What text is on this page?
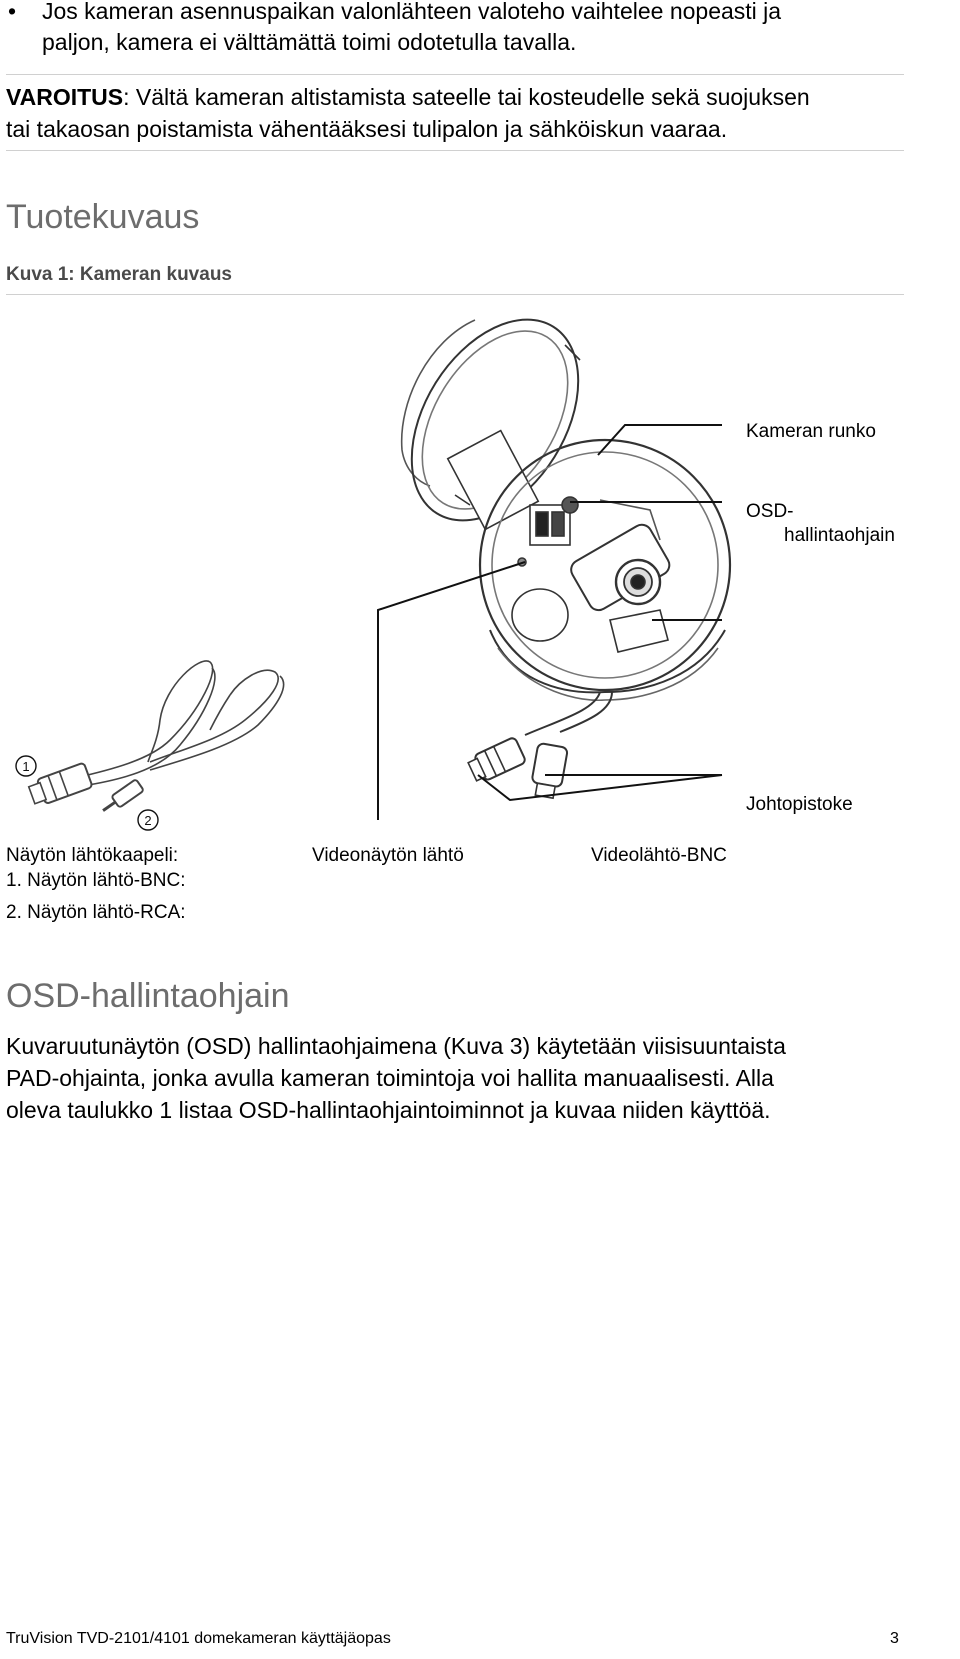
• Jos kameran asennuspaikan valonlähteen valoteho vaihtelee nopeasti ja
paljon, kamera ei välttämättä toimi odotetulla tavalla.
VAROITUS: Vältä kameran altistamista sateelle tai kosteudelle sekä suojuksen
tai takaosan poistamista vähentääksesi tulipalon ja sähköiskun vaaraa.
Tuotekuvaus
Kuva 1: Kameran kuvaus
1
2
Kameran runko
OSD-
hallintaohjain
Johtopistoke
Näytön lähtökaapeli:
1. Näytön lähtö-BNC:
2. Näytön lähtö-RCA:
Videonäytön lähtö	Videolähtö-BNC
OSD-hallintaohjain
Kuvaruutunäytön (OSD) hallintaohjaimena (Kuva 3) käytetään viisisuuntaista
PAD-ohjainta, jonka avulla kameran toimintoja voi hallita manuaalisesti. Alla
oleva taulukko 1 listaa OSD-hallintaohjaintoiminnot ja kuvaa niiden käyttöä.
TruVision TVD-2101/4101 domekameran käyttäjäopas	3
